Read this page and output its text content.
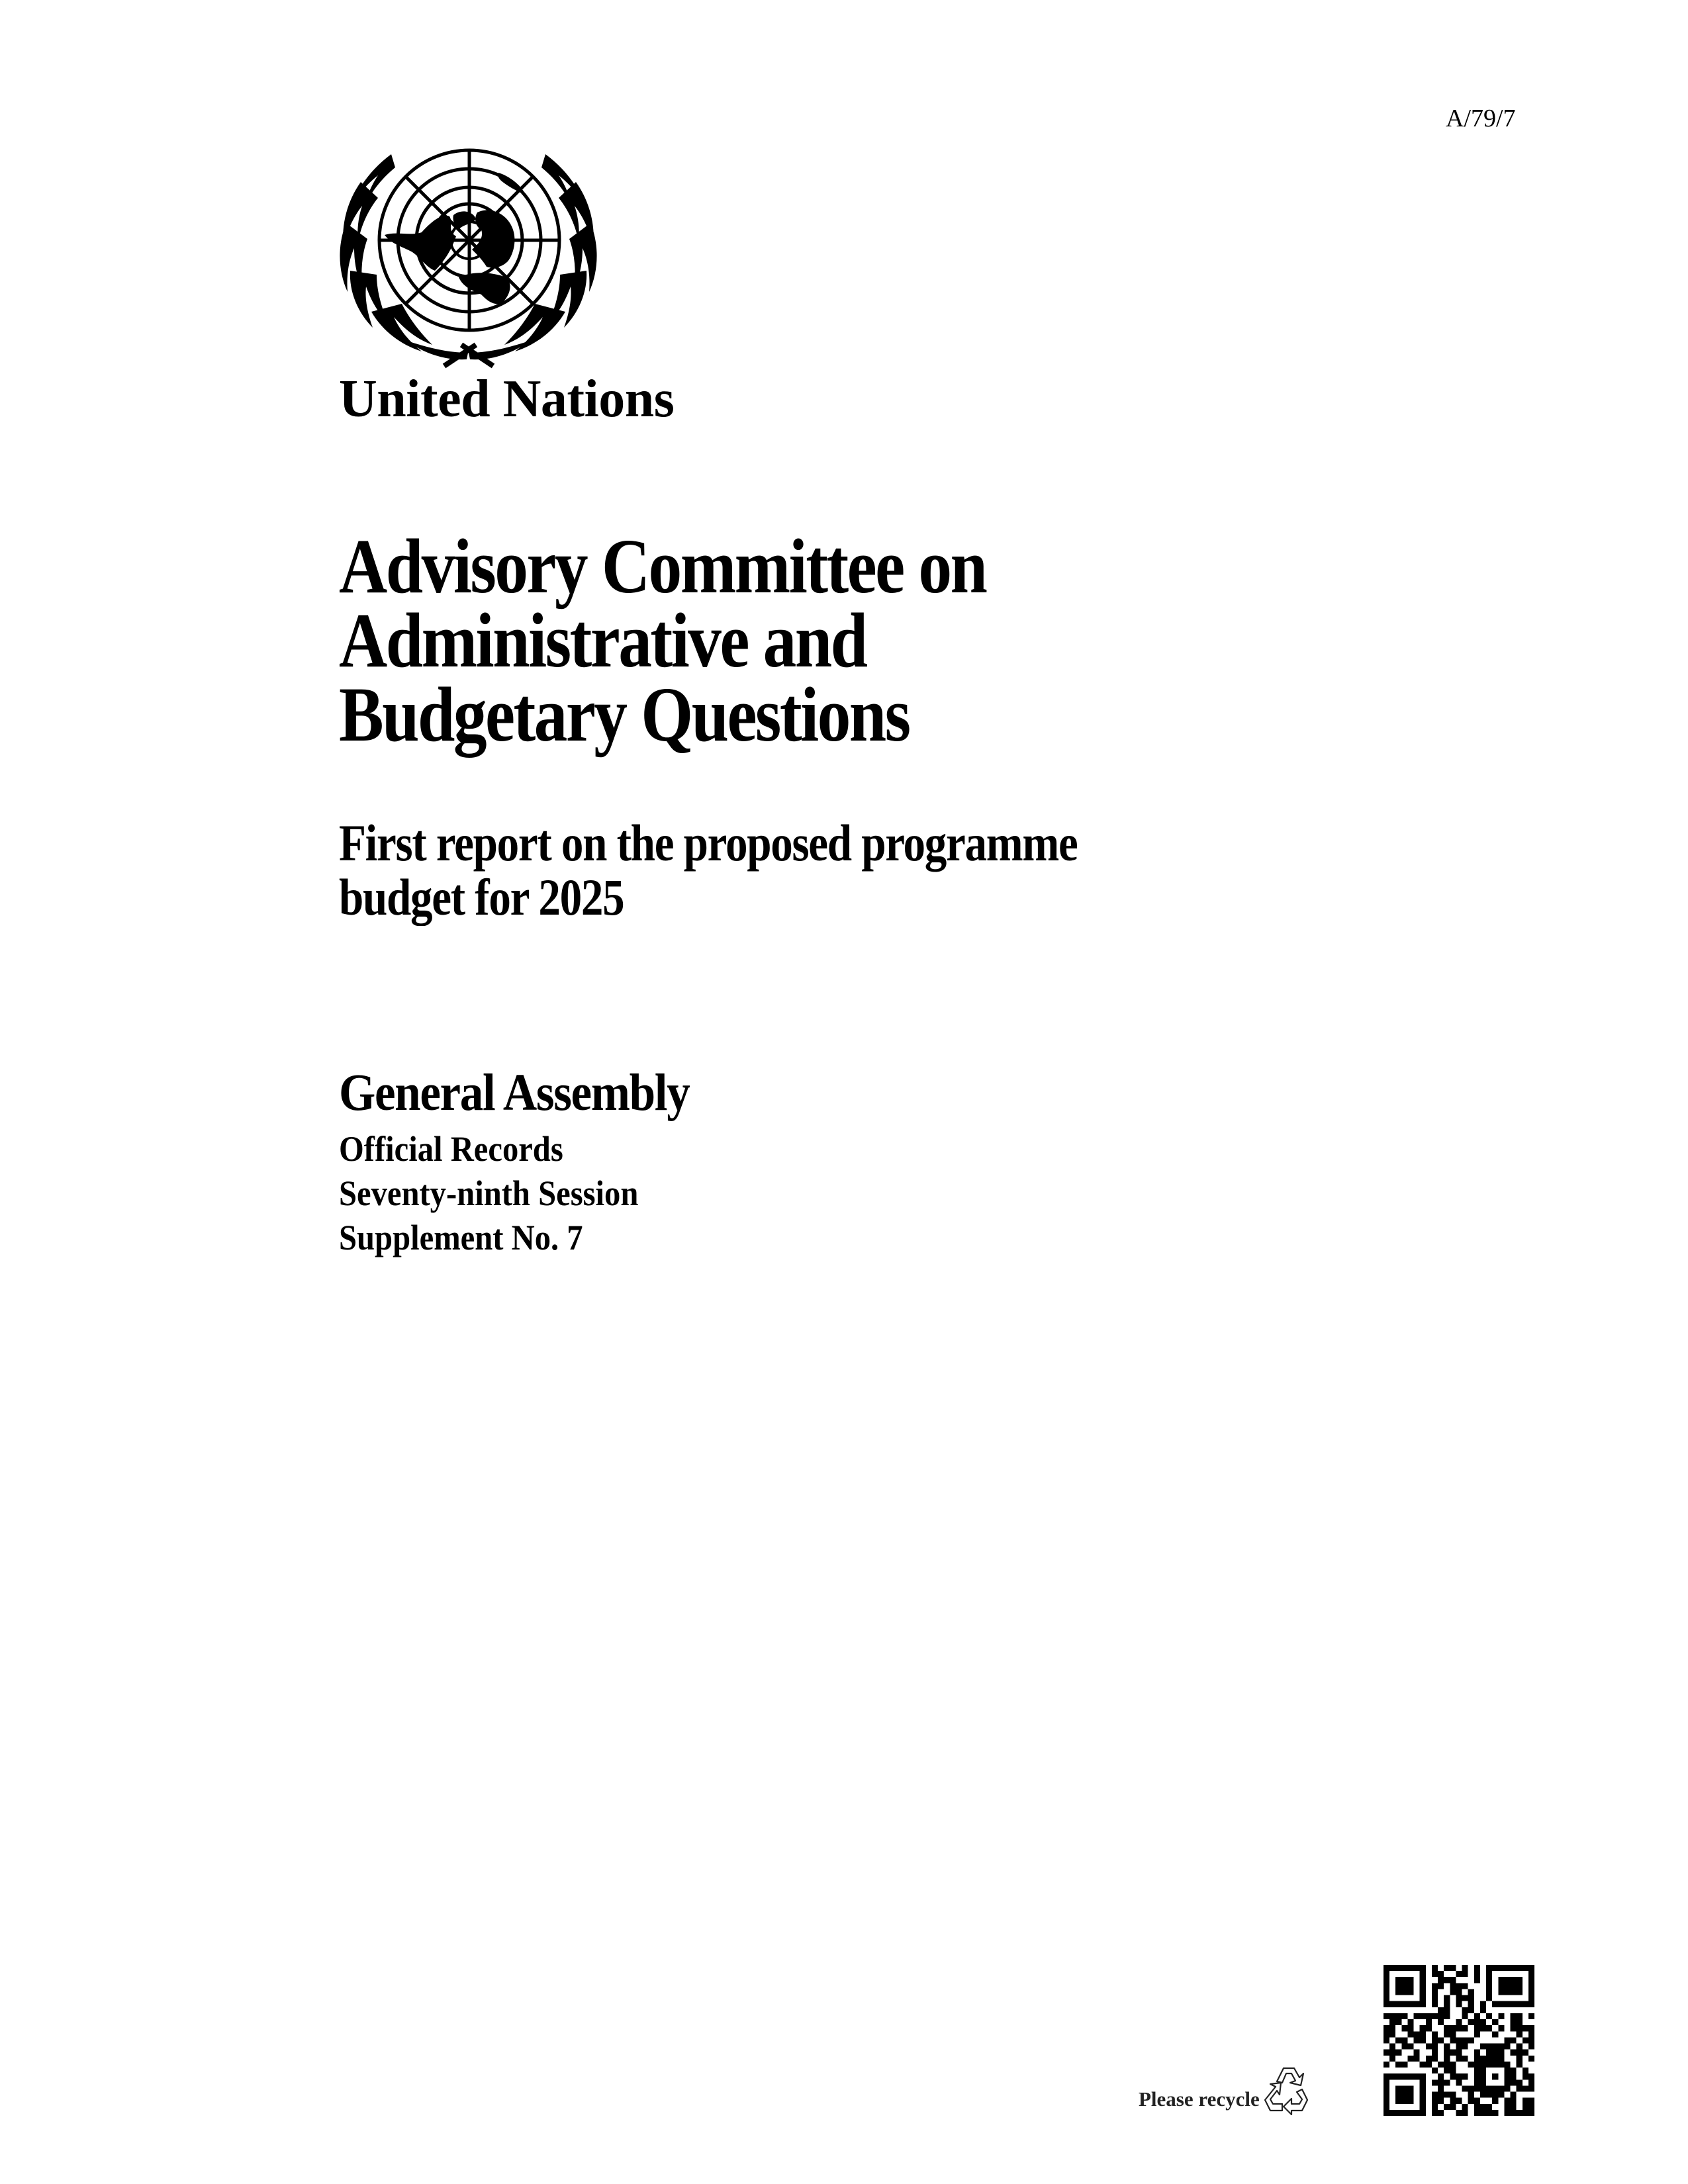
A/79/7
United Nations
Advisory Committee on
Administrative and
Budgetary Questions
First report on the proposed programme
budget for 2025
General Assembly
Official Records
Seventy-ninth Session
Supplement No. 7
Please recycle
